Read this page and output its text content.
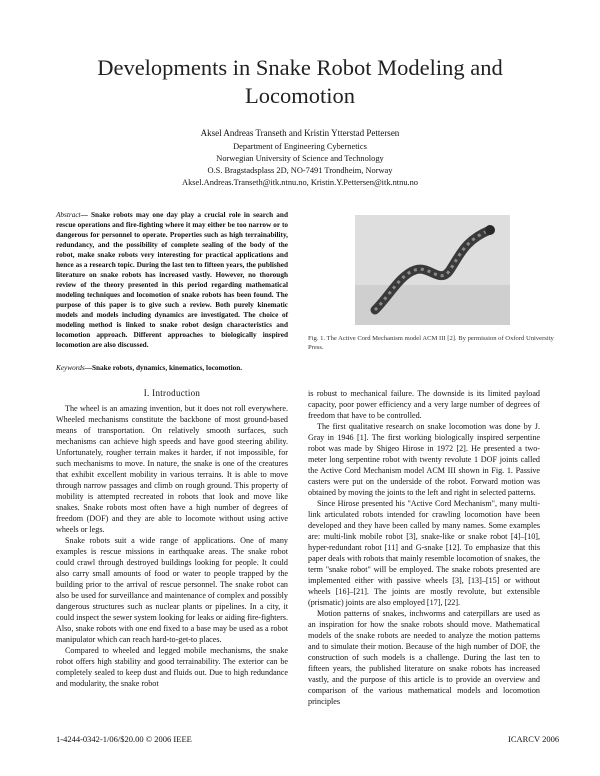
Developments in Snake Robot Modeling and Locomotion
Aksel Andreas Transeth and Kristin Ytterstad Pettersen
Department of Engineering Cybernetics
Norwegian University of Science and Technology
O.S. Bragstadsplass 2D, NO-7491 Trondheim, Norway
Aksel.Andreas.Transeth@itk.ntnu.no, Kristin.Y.Pettersen@itk.ntnu.no
Abstract— Snake robots may one day play a crucial role in search and rescue operations and fire-fighting where it may either be too narrow or to dangerous for personnel to operate. Properties such as high terrainability, redundancy, and the possibility of complete sealing of the body of the robot, make snake robots very interesting for practical applications and hence as a research topic. During the last ten to fifteen years, the published literature on snake robots has increased vastly. However, no thorough review of the theory presented in this period regarding mathematical modeling techniques and locomotion of snake robots has been found. The purpose of this paper is to give such a review. Both purely kinematic models and models including dynamics are investigated. The choice of modeling method is linked to snake robot design characteristics and locomotion approach. Different approaches to biologically inspired locomotion are also discussed.
Keywords—Snake robots, dynamics, kinematics, locomotion.
I. Introduction

The wheel is an amazing invention, but it does not roll everywhere. Wheeled mechanisms constitute the backbone of most ground-based means of transportation. On relatively smooth surfaces, such mechanisms can achieve high speeds and have good steering ability. Unfortunately, rougher terrain makes it harder, if not impossible, for such mechanisms to move. In nature, the snake is one of the creatures that exhibit excellent mobility in various terrains. It is able to move through narrow passages and climb on rough ground. This property of mobility is attempted recreated in robots that look and move like snakes. Snake robots most often have a high number of degrees of freedom (DOF) and they are able to locomote without using active wheels or legs.

Snake robots suit a wide range of applications. One of many examples is rescue missions in earthquake areas. The snake robot could crawl through destroyed buildings looking for people. It could also carry small amounts of food or water to people trapped by the building prior to the arrival of rescue personnel. The snake robot can also be used for surveillance and maintenance of complex and possibly dangerous structures such as nuclear plants or pipelines. In a city, it could inspect the sewer system looking for leaks or aiding fire-fighters. Also, snake robots with one end fixed to a base may be used as a robot manipulator which can reach hard-to-get-to places.

Compared to wheeled and legged mobile mechanisms, the snake robot offers high stability and good terrainability. The exterior can be completely sealed to keep dust and fluids out. Due to high redundance and modularity, the snake robot

Fig. 1. The Active Cord Mechanism model ACM III [2]. By permission of Oxford University Press.

is robust to mechanical failure. The downside is its limited payload capacity, poor power efficiency and a very large number of degrees of freedom that have to be controlled.

The first qualitative research on snake locomotion was done by J. Gray in 1946 [1]. The first working biologically inspired serpentine robot was made by Shigeo Hirose in 1972 [2]. He presented a two-meter long serpentine robot with twenty revolute 1 DOF joints called the Active Cord Mechanism model ACM III shown in Fig. 1. Passive casters were put on the underside of the robot. Forward motion was obtained by moving the joints to the left and right in selected patterns.

Since Hirose presented his "Active Cord Mechanism", many multi-link articulated robots intended for crawling locomotion have been developed and they have been called by many names. Some examples are: multi-link mobile robot [3], snake-like or snake robot [4]–[10], hyper-redundant robot [11] and G-snake [12]. To emphasize that this paper deals with robots that mainly resemble locomotion of snakes, the term "snake robot" will be employed. The snake robots presented are implemented either with passive wheels [3], [13]–[15] or without wheels [16]–[21]. The joints are mostly revolute, but extensible (prismatic) joints are also employed [17], [22].

Motion patterns of snakes, inchworms and caterpillars are used as an inspiration for how the snake robots should move. Mathematical models of the snake robots are needed to analyze the motion patterns and to simulate their motion. Because of the high number of DOF, the construction of such models is a challenge. During the last ten to fifteen years, the published literature on snake robots has increased vastly, and the purpose of this article is to provide an overview and comparison of the various mathematical models and locomotion principles

1-4244-0342-1/06/$20.00 © 2006 IEEE	ICARCV 2006
